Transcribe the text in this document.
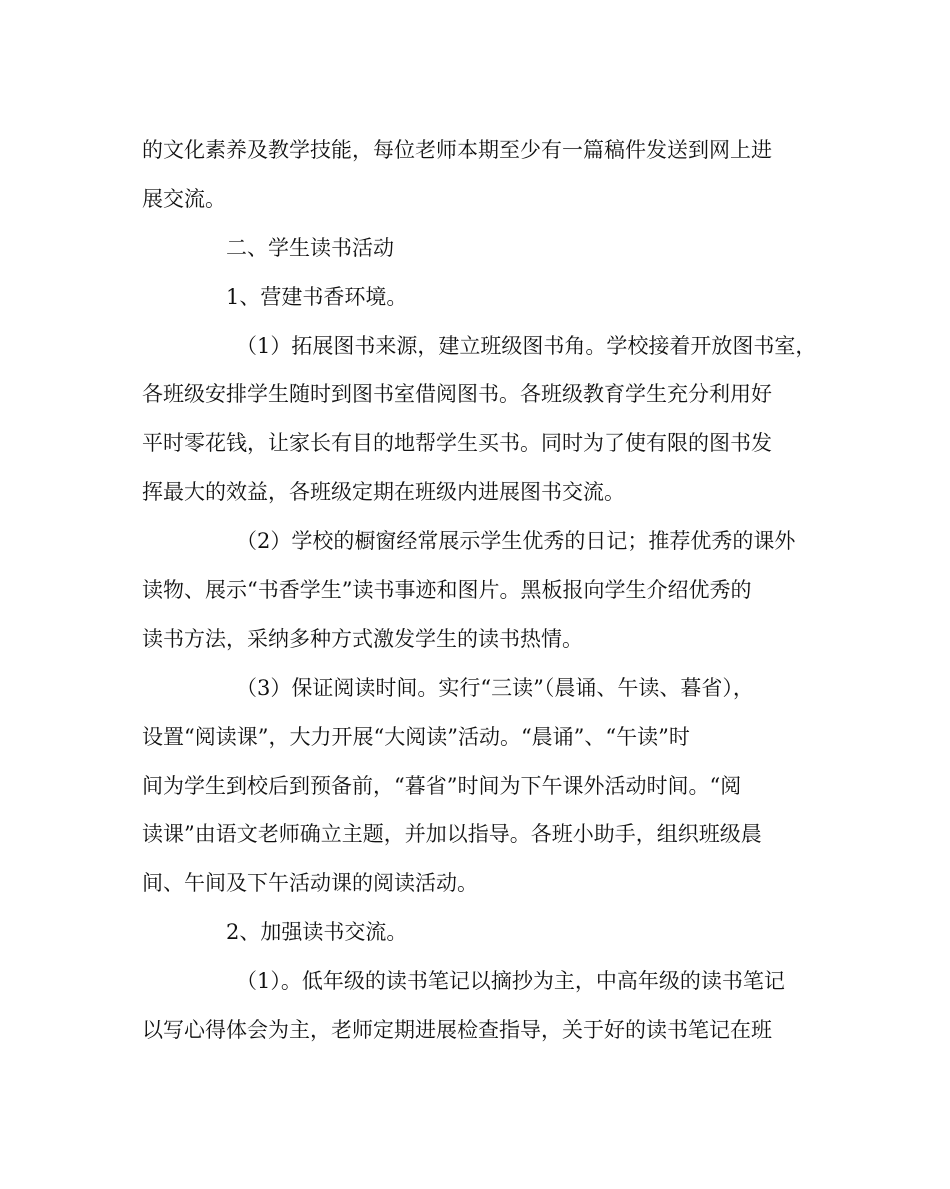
的文化素养及教学技能，每位老师本期至少有一篇稿件发送到网上进
展交流。
二、学生读书活动
1、营建书香环境。
（1）拓展图书来源，建立班级图书角。学校接着开放图书室，
各班级安排学生随时到图书室借阅图书。各班级教育学生充分利用好
平时零花钱，让家长有目的地帮学生买书。同时为了使有限的图书发
挥最大的效益，各班级定期在班级内进展图书交流。
（2）学校的橱窗经常展示学生优秀的日记；推荐优秀的课外
读物、展示“书香学生”读书事迹和图片。黑板报向学生介绍优秀的
读书方法，采纳多种方式激发学生的读书热情。
（3）保证阅读时间。实行“三读”（晨诵、午读、暮省），
设置“阅读课”，大力开展“大阅读”活动。“晨诵”、“午读”时
间为学生到校后到预备前，“暮省”时间为下午课外活动时间。“阅
读课”由语文老师确立主题，并加以指导。各班小助手，组织班级晨
间、午间及下午活动课的阅读活动。
2、加强读书交流。
（1）。低年级的读书笔记以摘抄为主，中高年级的读书笔记
以写心得体会为主，老师定期进展检查指导，关于好的读书笔记在班
